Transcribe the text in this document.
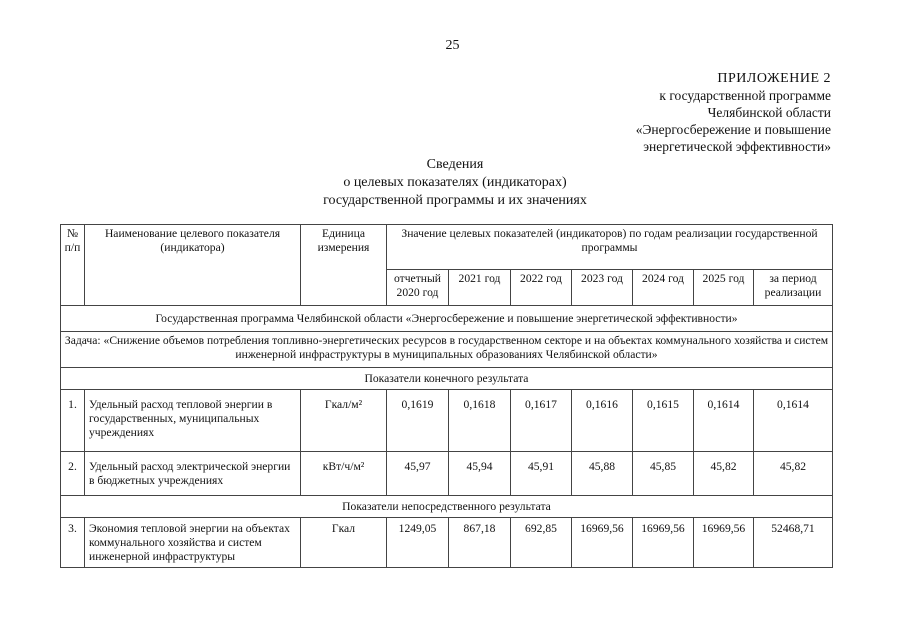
25
ПРИЛОЖЕНИЕ 2
к государственной программе
Челябинской области
«Энергосбережение и повышение
энергетической эффективности»
Сведения
о целевых показателях (индикаторах)
государственной программы и их значениях
№ п/п	Наименование целевого показателя (индикатора)	Единица измерения	Значение целевых показателей (индикаторов) по годам реализации государственной программы						
			отчетный 2020 год	2021 год	2022 год	2023 год	2024 год	2025 год	за период реализации
Государственная программа Челябинской области «Энергосбережение и повышение энергетической эффективности»									
Задача: «Снижение объемов потребления топливно-энергетических ресурсов в государственном секторе и на объектах коммунального хозяйства и систем инженерной инфраструктуры в муниципальных образованиях Челябинской области»									
Показатели конечного результата									
1.	Удельный расход тепловой энергии в государственных, муниципальных учреждениях	Гкал/м²	0,1619	0,1618	0,1617	0,1616	0,1615	0,1614	0,1614
2.	Удельный расход электрической энергии в бюджетных учреждениях	кВт/ч/м²	45,97	45,94	45,91	45,88	45,85	45,82	45,82
Показатели непосредственного результата									
3.	Экономия тепловой энергии на объектах коммунального хозяйства и систем инженерной инфраструктуры	Гкал	1249,05	867,18	692,85	16969,56	16969,56	16969,56	52468,71
